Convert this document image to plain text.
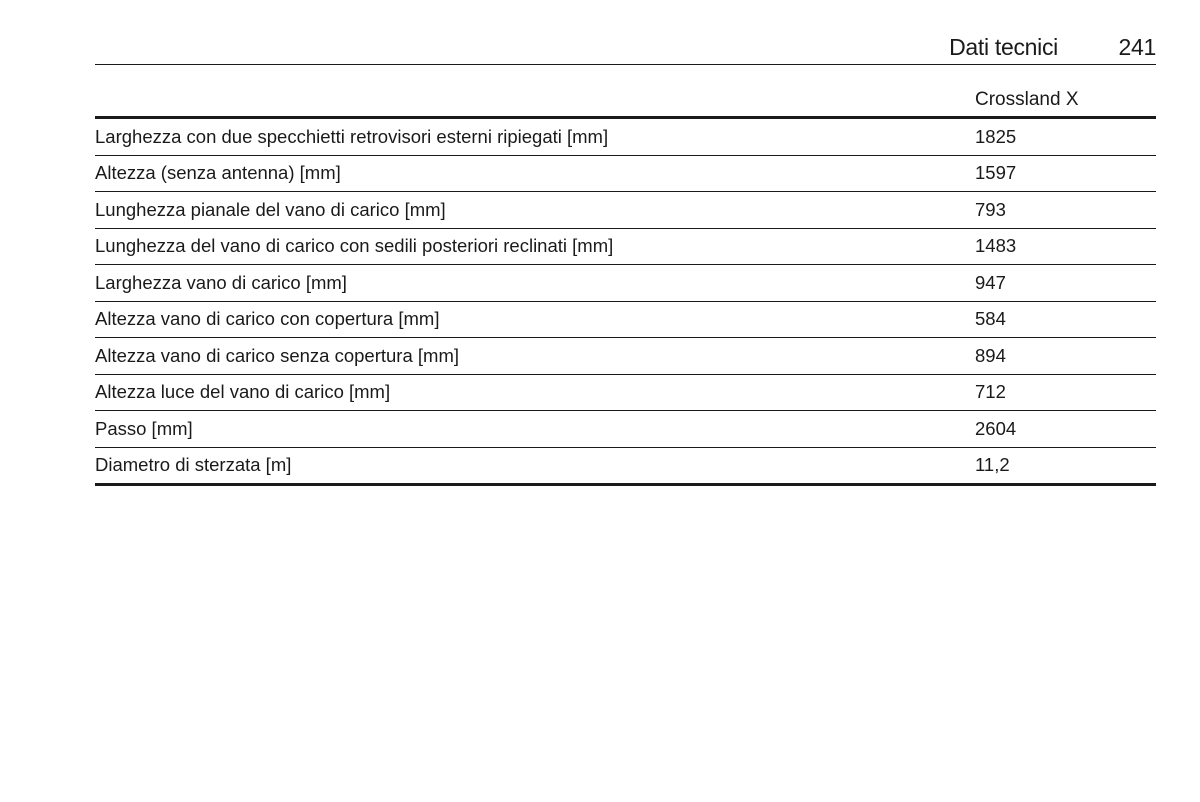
Dati tecnici	241
	Crossland X
Larghezza con due specchietti retrovisori esterni ripiegati [mm]	1825
Altezza (senza antenna) [mm]	1597
Lunghezza pianale del vano di carico [mm]	793
Lunghezza del vano di carico con sedili posteriori reclinati [mm]	1483
Larghezza vano di carico [mm]	947
Altezza vano di carico con copertura [mm]	584
Altezza vano di carico senza copertura [mm]	894
Altezza luce del vano di carico [mm]	712
Passo [mm]	2604
Diametro di sterzata [m]	11,2
